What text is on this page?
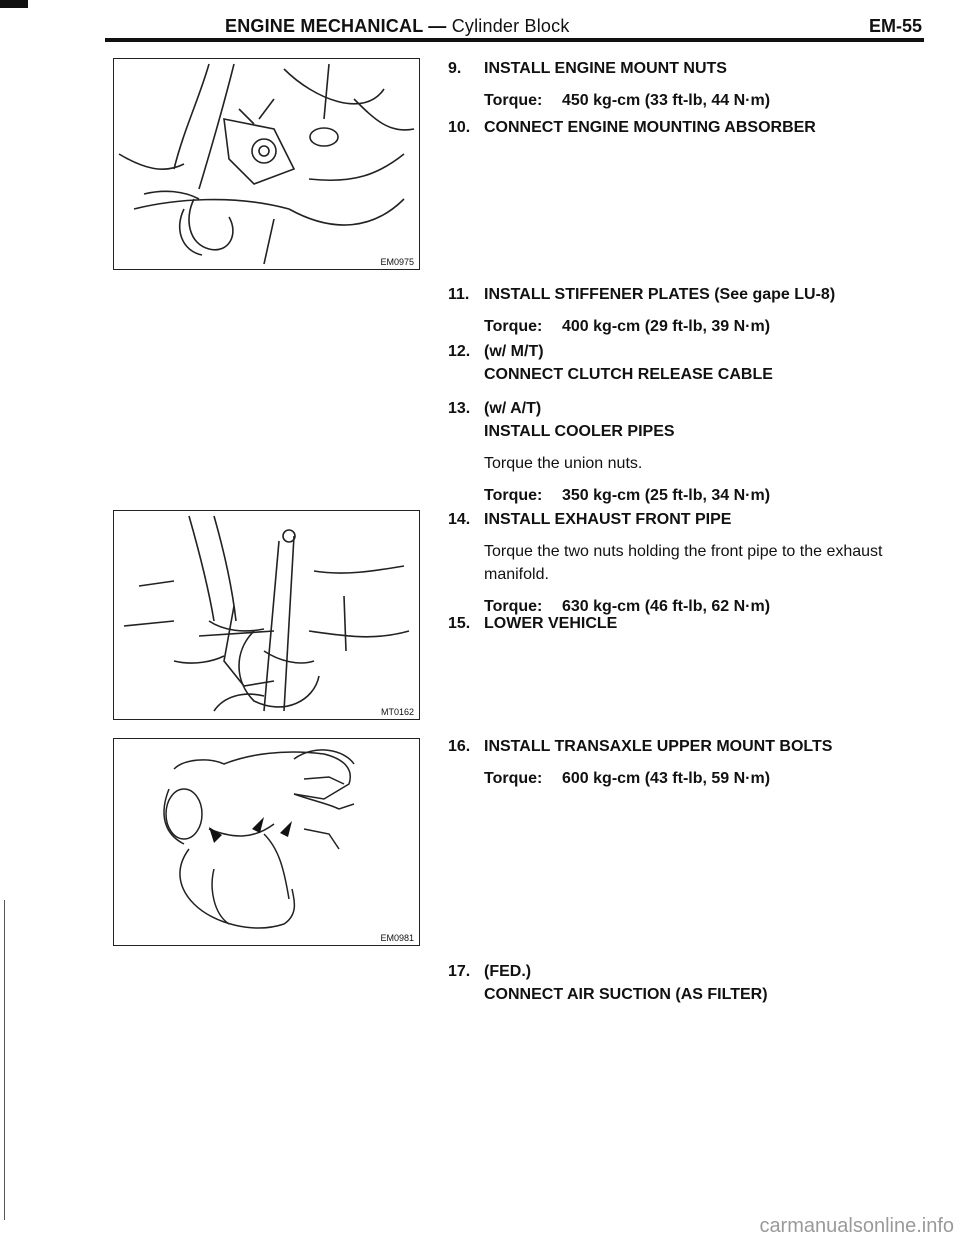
ENGINE MECHANICAL — Cylinder Block	EM-55
EM0975
MT0162
EM0981
9. INSTALL ENGINE MOUNT NUTS
Torque: 450 kg-cm (33 ft-lb, 44 N·m)
10. CONNECT ENGINE MOUNTING ABSORBER
11. INSTALL STIFFENER PLATES (See gape LU-8)
Torque: 400 kg-cm (29 ft-lb, 39 N·m)
12. (w/ M/T)
CONNECT CLUTCH RELEASE CABLE
13. (w/ A/T)
INSTALL COOLER PIPES
Torque the union nuts.
Torque: 350 kg-cm (25 ft-lb, 34 N·m)
14. INSTALL EXHAUST FRONT PIPE
Torque the two nuts holding the front pipe to the exhaust manifold.
Torque: 630 kg-cm (46 ft-lb, 62 N·m)
15. LOWER VEHICLE
16. INSTALL TRANSAXLE UPPER MOUNT BOLTS
Torque: 600 kg-cm (43 ft-lb, 59 N·m)
17. (FED.)
CONNECT AIR SUCTION (AS FILTER)
carmanualsonline.info
